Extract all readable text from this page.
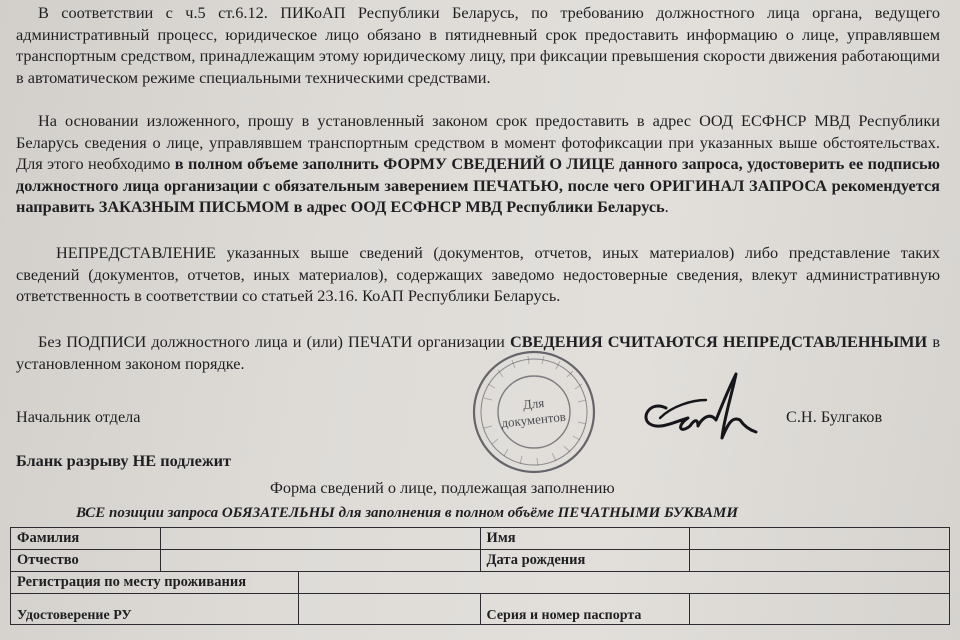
В соответствии с ч.5 ст.6.12. ПИКоАП Республики Беларусь, по требованию должностного лица органа, ведущего административный процесс, юридическое лицо обязано в пятидневный срок предоставить информацию о лице, управлявшем транспортным средством, принадлежащим этому юридическому лицу, при фиксации превышения скорости движения работающими в автоматическом режиме специальными техническими средствами.

На основании изложенного, прошу в установленный законом срок предоставить в адрес ООД ЕСФНСР МВД Республики Беларусь сведения о лице, управлявшем транспортным средством в момент фотофиксации при указанных выше обстоятельствах. Для этого необходимо в полном объеме заполнить ФОРМУ СВЕДЕНИЙ О ЛИЦЕ данного запроса, удостоверить ее подписью должностного лица организации с обязательным заверением ПЕЧАТЬЮ, после чего ОРИГИНАЛ ЗАПРОСА рекомендуется направить ЗАКАЗНЫМ ПИСЬМОМ в адрес ООД ЕСФНСР МВД Республики Беларусь.

НЕПРЕДСТАВЛЕНИЕ указанных выше сведений (документов, отчетов, иных материалов) либо представление таких сведений (документов, отчетов, иных материалов), содержащих заведомо недостоверные сведения, влекут административную ответственность в соответствии со статьей 23.16. КоАП Республики Беларусь.

Без ПОДПИСИ должностного лица и (или) ПЕЧАТИ организации СВЕДЕНИЯ СЧИТАЮТСЯ НЕПРЕДСТАВЛЕННЫМИ в установленном законом порядке.

Для
документов

Начальник отдела	С.Н. Булгаков

Бланк разрыву НЕ подлежит

Форма сведений о лице, подлежащая заполнению

ВСЕ позиции запроса ОБЯЗАТЕЛЬНЫ для заполнения в полном объёме ПЕЧАТНЫМИ БУКВАМИ

Фамилия			Имя	
Отчество			Дата рождения	
Регистрация по месту проживания				
Удостоверение РУ			Серия и номер паспорта	
